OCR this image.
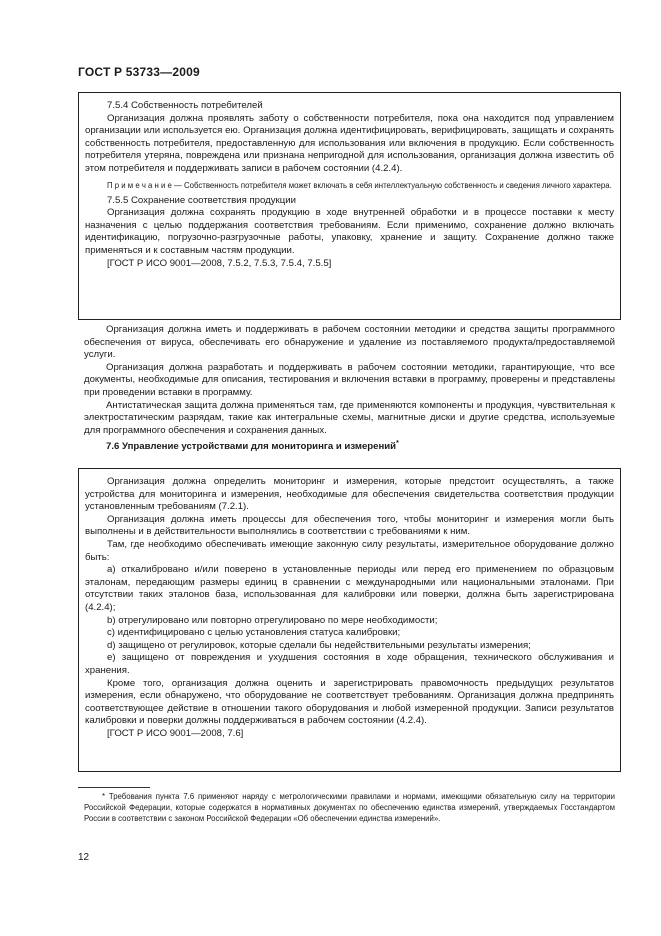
ГОСТ Р 53733—2009

7.5.4 Собственность потребителей

Организация должна проявлять заботу о собственности потребителя, пока она находится под управлением организации или используется ею. Организация должна идентифицировать, верифицировать, защищать и сохранять собственность потребителя, предоставленную для использования или включения в продукцию. Если собственность потребителя утеряна, повреждена или признана непригодной для использования, организация должна известить об этом потребителя и поддерживать записи в рабочем состоянии (4.2.4).

П р и м е ч а н и е — Собственность потребителя может включать в себя интеллектуальную собственность и сведения личного характера.

7.5.5 Сохранение соответствия продукции

Организация должна сохранять продукцию в ходе внутренней обработки и в процессе поставки к месту назначения с целью поддержания соответствия требованиям. Если применимо, сохранение должно включать идентификацию, погрузочно-разгрузочные работы, упаковку, хранение и защиту. Сохранение должно также применяться и к составным частям продукции.

[ГОСТ Р ИСО 9001—2008, 7.5.2, 7.5.3, 7.5.4, 7.5.5]

Организация должна иметь и поддерживать в рабочем состоянии методики и средства защиты программного обеспечения от вируса, обеспечивать его обнаружение и удаление из поставляемого продукта/предоставляемой услуги.

Организация должна разработать и поддерживать в рабочем состоянии методики, гарантирующие, что все документы, необходимые для описания, тестирования и включения вставки в программу, проверены и представлены при проведении вставки в программу.

Антистатическая защита должна применяться там, где применяются компоненты и продукция, чувствительная к электростатическим разрядам, такие как интегральные схемы, магнитные диски и другие средства, используемые для программного обеспечения и сохранения данных.

7.6 Управление устройствами для мониторинга и измерений*

Организация должна определить мониторинг и измерения, которые предстоит осуществлять, а также устройства для мониторинга и измерения, необходимые для обеспечения свидетельства соответствия продукции установленным требованиям (7.2.1).

Организация должна иметь процессы для обеспечения того, чтобы мониторинг и измерения могли быть выполнены и в действительности выполнялись в соответствии с требованиями к ним.

Там, где необходимо обеспечивать имеющие законную силу результаты, измерительное оборудование должно быть:

а) откалибровано и/или поверено в установленные периоды или перед его применением по образцовым эталонам, передающим размеры единиц в сравнении с международными или национальными эталонами. При отсутствии таких эталонов база, использованная для калибровки или поверки, должна быть зарегистрирована (4.2.4);

b) отрегулировано или повторно отрегулировано по мере необходимости;

c) идентифицировано с целью установления статуса калибровки;

d) защищено от регулировок, которые сделали бы недействительными результаты измерения;

e) защищено от повреждения и ухудшения состояния в ходе обращения, технического обслуживания и хранения.

Кроме того, организация должна оценить и зарегистрировать правомочность предыдущих результатов измерения, если обнаружено, что оборудование не соответствует требованиям. Организация должна предпринять соответствующее действие в отношении такого оборудования и любой измеренной продукции. Записи результатов калибровки и поверки должны поддерживаться в рабочем состоянии (4.2.4).

[ГОСТ Р ИСО 9001—2008, 7.6]

* Требования пункта 7.6 применяют наряду с метрологическими правилами и нормами, имеющими обязательную силу на территории Российской Федерации, которые содержатся в нормативных документах по обеспечению единства измерений, утверждаемых Госстандартом России в соответствии с законом Российской Федерации «Об обеспечении единства измерений».
12
